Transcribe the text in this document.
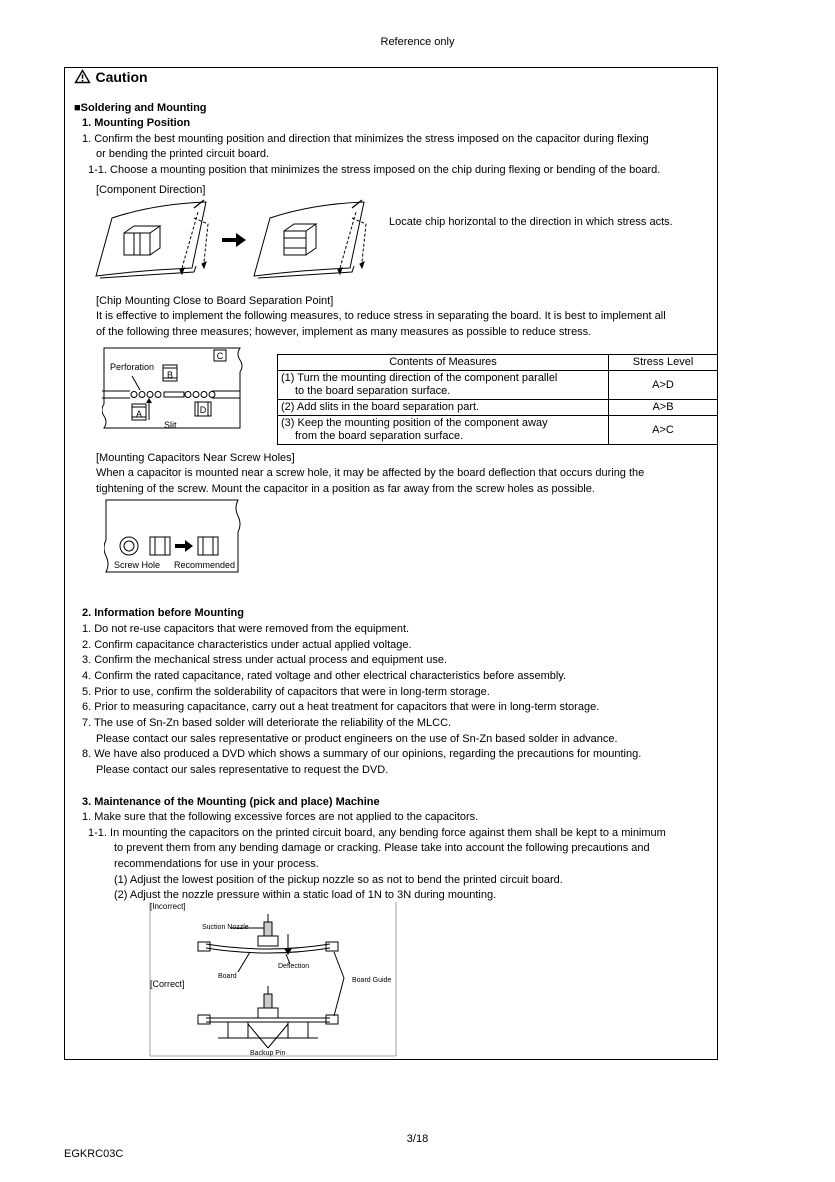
Reference only
Caution
■Soldering and Mounting
1. Mounting Position
1. Confirm the best mounting position and direction that minimizes the stress imposed on the capacitor during flexing
or bending the printed circuit board.
1-1. Choose a mounting position that minimizes the stress imposed on the chip during flexing or bending of the board.
[Component Direction]
Locate chip horizontal to the direction in which stress acts.
[Chip Mounting Close to Board Separation Point]
It is effective to implement the following measures, to reduce stress in separating the board. It is best to implement all
of the following three measures; however, implement as many measures as possible to reduce stress.
Perforation
B
A	D
C
Slit
Contents of Measures	Stress Level
(1) Turn the mounting direction of the component parallel
to the board separation surface.	A>D
(2) Add slits in the board separation part.	A>B
(3) Keep the mounting position of the component away
from the board separation surface.	A>C
[Mounting Capacitors Near Screw Holes]
When a capacitor is mounted near a screw hole, it may be affected by the board deflection that occurs during the
tightening of the screw. Mount the capacitor in a position as far away from the screw holes as possible.
Screw Hole Recommended
2. Information before Mounting
1. Do not re-use capacitors that were removed from the equipment.
2. Confirm capacitance characteristics under actual applied voltage.
3. Confirm the mechanical stress under actual process and equipment use.
4. Confirm the rated capacitance, rated voltage and other electrical characteristics before assembly.
5. Prior to use, confirm the solderability of capacitors that were in long-term storage.
6. Prior to measuring capacitance, carry out a heat treatment for capacitors that were in long-term storage.
7. The use of Sn-Zn based solder will deteriorate the reliability of the MLCC.
Please contact our sales representative or product engineers on the use of Sn-Zn based solder in advance.
8. We have also produced a DVD which shows a summary of our opinions, regarding the precautions for mounting.
Please contact our sales representative to request the DVD.
3. Maintenance of the Mounting (pick and place) Machine
1. Make sure that the following excessive forces are not applied to the capacitors.
1-1. In mounting the capacitors on the printed circuit board, any bending force against them shall be kept to a minimum
to prevent them from any bending damage or cracking. Please take into account the following precautions and
recommendations for use in your process.
(1) Adjust the lowest position of the pickup nozzle so as not to bend the printed circuit board.
(2) Adjust the nozzle pressure within a static load of 1N to 3N during mounting.
[Incorrect]
Suction Nozzle
Deflection
Board
Board Guide
[Correct]
Backup Pin
3/18
EGKRC03C
